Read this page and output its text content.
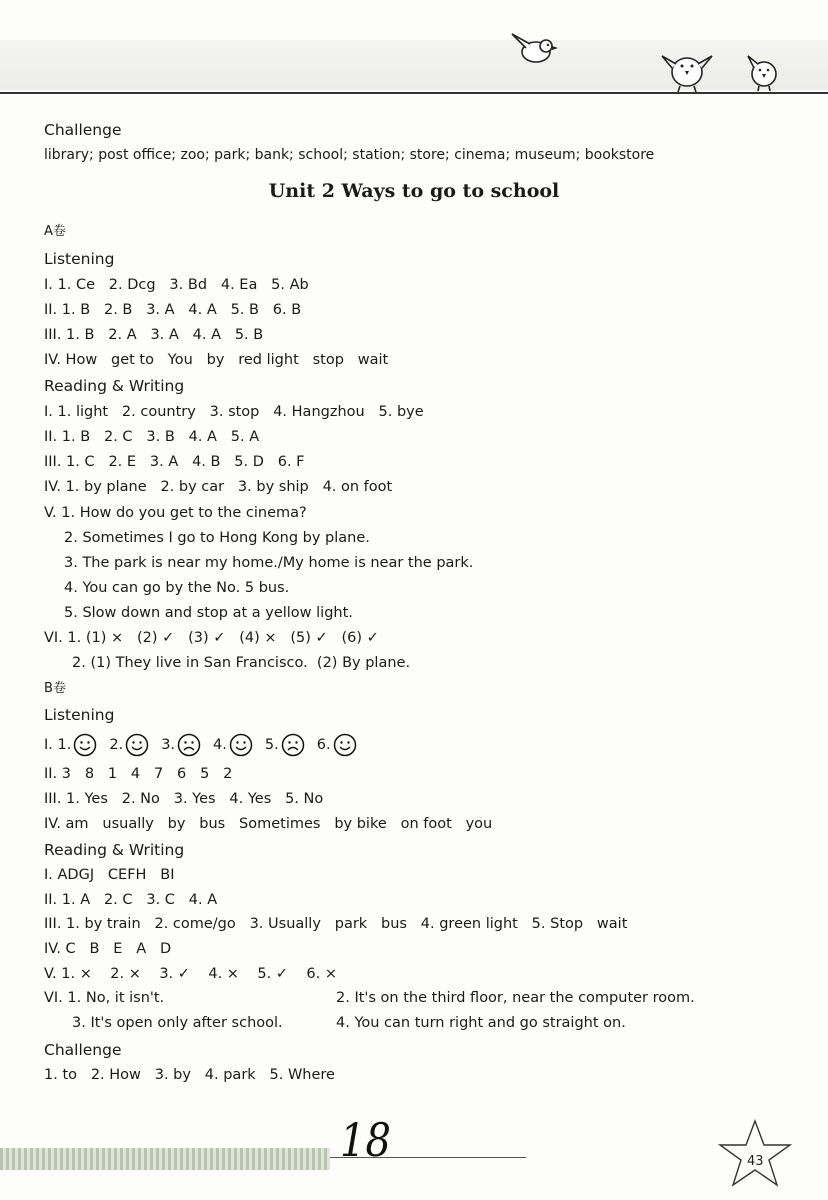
Challenge
library; post office; zoo; park; bank; school; station; store; cinema; museum; bookstore
Unit 2 Ways to go to school
A卷
Listening
I. 1. Ce   2. Dcg   3. Bd   4. Ea   5. Ab
II. 1. B   2. B   3. A   4. A   5. B   6. B
III. 1. B   2. A   3. A   4. A   5. B
IV. How   get to   You   by   red light   stop   wait
Reading & Writing
I. 1. light   2. country   3. stop   4. Hangzhou   5. bye
II. 1. B   2. C   3. B   4. A   5. A
III. 1. C   2. E   3. A   4. B   5. D   6. F
IV. 1. by plane   2. by car   3. by ship   4. on foot
V. 1. How do you get to the cinema?
2. Sometimes I go to Hong Kong by plane.
3. The park is near my home./My home is near the park.
4. You can go by the No. 5 bus.
5. Slow down and stop at a yellow light.
VI. 1. (1) ×   (2) ✓   (3) ✓   (4) ×   (5) ✓   (6) ✓
2. (1) They live in San Francisco.  (2) By plane.
B卷
Listening
I. 1.	2.	3.	4.	5.	6.
II. 3   8   1   4   7   6   5   2
III. 1. Yes   2. No   3. Yes   4. Yes   5. No
IV. am   usually   by   bus   Sometimes   by bike   on foot   you
Reading & Writing
I. ADGJ   CEFH   BI
II. 1. A   2. C   3. C   4. A
III. 1. by train   2. come/go   3. Usually   park   bus   4. green light   5. Stop   wait
IV. C   B   E   A   D
V. 1. ×    2. ×    3. ✓    4. ×    5. ✓    6. ×
VI. 1. No, it isn't.	2. It's on the third floor, near the computer room.
3. It's open only after school.	4. You can turn right and go straight on.
Challenge
1. to   2. How   3. by   4. park   5. Where
18	43
